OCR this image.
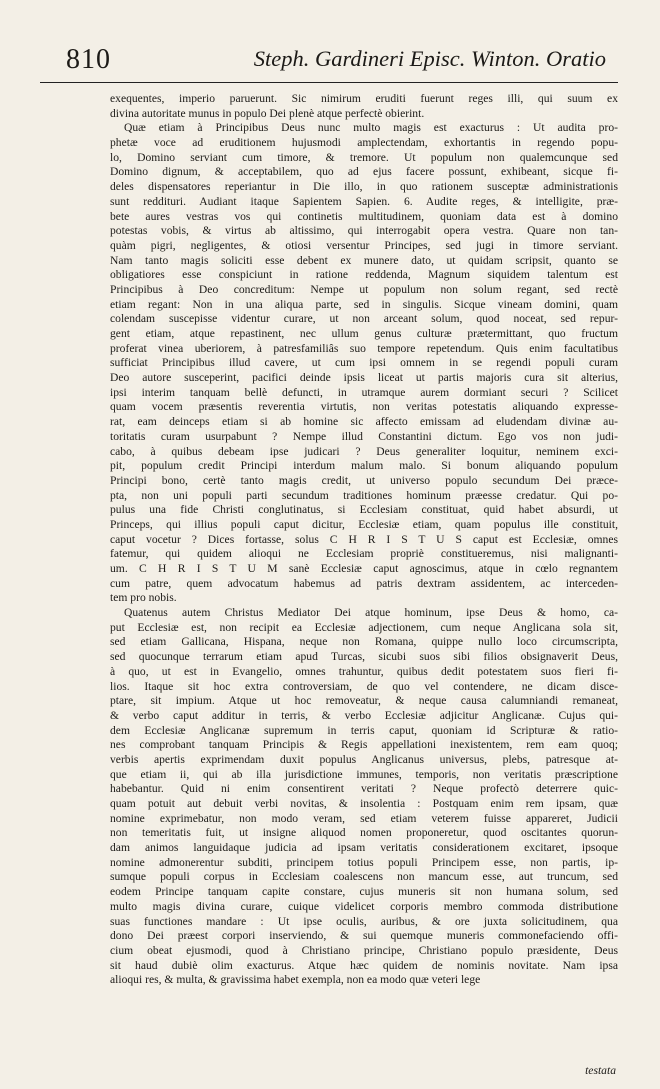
810	Steph. Gardineri Episc. Winton. Oratio
exequentes, imperio paruerunt. Sic nimirum eruditi fuerunt reges illi, qui suum ex
divina autoritate munus in populo Dei plenè atque perfectè obierint.
Quæ etiam à Principibus Deus nunc multo magis est exacturus : Ut audita pro-
phetæ voce ad eruditionem hujusmodi amplectendam, exhortantis in regendo popu-
lo, Domino serviant cum timore, & tremore. Ut populum non qualemcunque sed
Domino dignum, & acceptabilem, quo ad ejus facere possunt, exhibeant, sicque fi-
deles dispensatores reperiantur in Die illo, in quo rationem susceptæ administrationis
sunt reddituri. Audiant itaque Sapientem Sapien. 6. Audite reges, & intelligite, præ-
bete aures vestras vos qui continetis multitudinem, quoniam data est à domino
potestas vobis, & virtus ab altissimo, qui interrogabit opera vestra. Quare non tan-
quàm pigri, negligentes, & otiosi versentur Principes, sed jugi in timore serviant.
Nam tanto magis soliciti esse debent ex munere dato, ut quidam scripsit, quanto se
obligatiores esse conspiciunt in ratione reddenda, Magnum siquidem talentum est
Principibus à Deo concreditum: Nempe ut populum non solum regant, sed rectè
etiam regant: Non in una aliqua parte, sed in singulis. Sicque vineam domini, quam
colendam suscepisse videntur curare, ut non arceant solum, quod noceat, sed repur-
gent etiam, atque repastinent, nec ullum genus culturæ prætermittant, quo fructum
proferat vinea uberiorem, à patresfamiliâs suo tempore repetendum. Quis enim facultatibus
sufficiat Principibus illud cavere, ut cum ipsi omnem in se regendi populi curam
Deo autore susceperint, pacifici deinde ipsis liceat ut partis majoris cura sit alterius,
ipsi interim tanquam bellè defuncti, in utramque aurem dormiant securi ? Scilicet
quam vocem præsentis reverentia virtutis, non veritas potestatis aliquando expresse-
rat, eam deinceps etiam si ab homine sic affecto emissam ad eludendam divinæ au-
toritatis curam usurpabunt ? Nempe illud Constantini dictum. Ego vos non judi-
cabo, à quibus debeam ipse judicari ? Deus generaliter loquitur, neminem exci-
pit, populum credit Principi interdum malum malo. Si bonum aliquando populum
Principi bono, certè tanto magis credit, ut universo populo secundum Dei præce-
pta, non uni populi parti secundum traditiones hominum præesse credatur. Qui po-
pulus una fide Christi conglutinatus, si Ecclesiam constituat, quid habet absurdi, ut
Princeps, qui illius populi caput dicitur, Ecclesiæ etiam, quam populus ille constituit,
caput vocetur ? Dices fortasse, solus C H R I S T U S caput est Ecclesiæ, omnes
fatemur, qui quidem alioqui ne Ecclesiam propriè constitueremus, nisi malignanti-
um. C H R I S T U M sanè Ecclesiæ caput agnoscimus, atque in cœlo regnantem
cum patre, quem advocatum habemus ad patris dextram assidentem, ac interceden-
tem pro nobis.
Quatenus autem Christus Mediator Dei atque hominum, ipse Deus & homo, ca-
put Ecclesiæ est, non recipit ea Ecclesiæ adjectionem, cum neque Anglicana sola sit,
sed etiam Gallicana, Hispana, neque non Romana, quippe nullo loco circumscripta,
sed quocunque terrarum etiam apud Turcas, sicubi suos sibi filios obsignaverit Deus,
à quo, ut est in Evangelio, omnes trahuntur, quibus dedit potestatem suos fieri fi-
lios. Itaque sit hoc extra controversiam, de quo vel contendere, ne dicam disce-
ptare, sit impium. Atque ut hoc removeatur, & neque causa calumniandi remaneat,
& verbo caput additur in terris, & verbo Ecclesiæ adjicitur Anglicanæ. Cujus qui-
dem Ecclesiæ Anglicanæ supremum in terris caput, quoniam id Scripturæ & ratio-
nes comprobant tanquam Principis & Regis appellationi inexistentem, rem eam quoq;
verbis apertis exprimendam duxit populus Anglicanus universus, plebs, patresque at-
que etiam ii, qui ab illa jurisdictione immunes, temporis, non veritatis præscriptione
habebantur. Quid ni enim consentirent veritati ? Neque profectò deterrere quic-
quam potuit aut debuit verbi novitas, & insolentia : Postquam enim rem ipsam, quæ
nomine exprimebatur, non modo veram, sed etiam veterem fuisse appareret, Judicii
non temeritatis fuit, ut insigne aliquod nomen proponeretur, quod oscitantes quorun-
dam animos languidaque judicia ad ipsam veritatis considerationem excitaret, ipsoque
nomine admonerentur subditi, principem totius populi Principem esse, non partis, ip-
sumque populi corpus in Ecclesiam coalescens non mancum esse, aut truncum, sed
eodem Principe tanquam capite constare, cujus muneris sit non humana solum, sed
multo magis divina curare, cuique videlicet corporis membro commoda distributione
suas functiones mandare : Ut ipse oculis, auribus, & ore juxta solicitudinem, qua
dono Dei præest corpori inserviendo, & sui quemque muneris commonefaciendo offi-
cium obeat ejusmodi, quod à Christiano principe, Christiano populo præsidente, Deus
sit haud dubiè olim exacturus. Atque hæc quidem de nominis novitate. Nam ipsa
alioqui res, & multa, & gravissima habet exempla, non ea modo quæ veteri lege
testata
